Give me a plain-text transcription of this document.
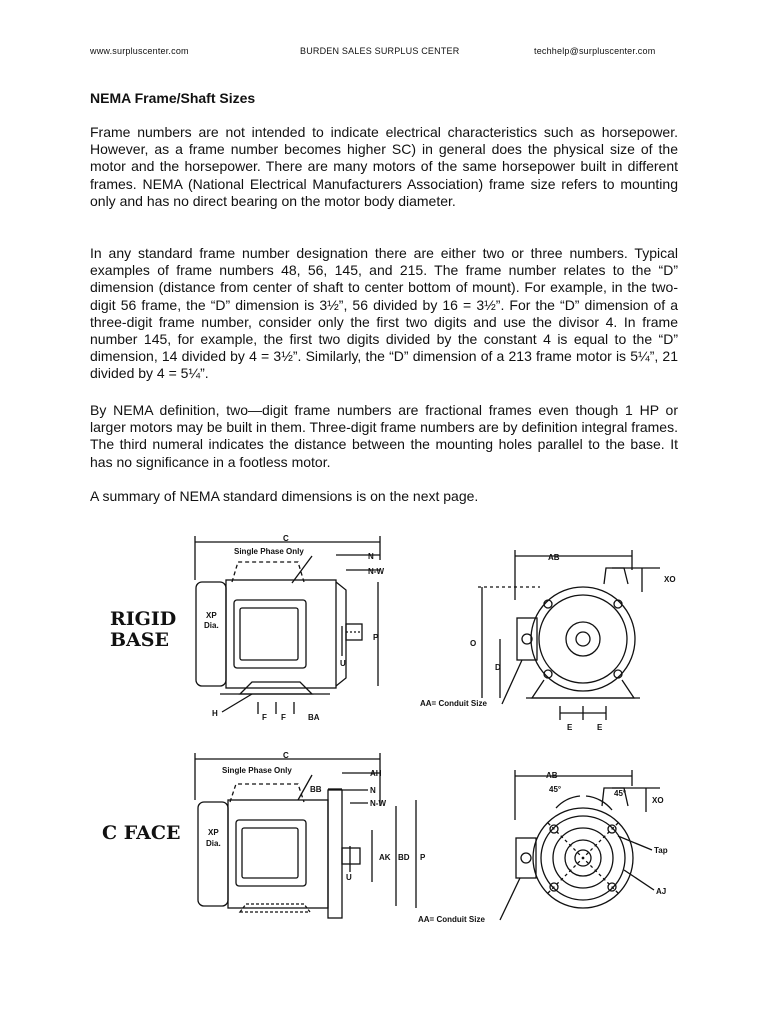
www.surpluscenter.com	BURDEN SALES SURPLUS CENTER	techhelp@surpluscenter.com
NEMA Frame/Shaft Sizes

Frame numbers are not intended to indicate electrical characteristics such as horsepower. However, as a frame number becomes higher SC) in general does the physical size of the motor and the horsepower. There are many motors of the same horsepower built in different frames. NEMA (National Electrical Manufacturers Association) frame size refers to mounting only and has no direct bearing on the motor body diameter.

In any standard frame number designation there are either two or three numbers. Typical examples of frame numbers 48, 56, 145, and 215. The frame number relates to the “D” dimension (distance from center of shaft to center bottom of mount). For example, in the two-digit 56 frame, the “D” dimension is 3½”, 56 divided by 16 = 3½”. For the “D” dimension of a three-digit frame number, consider only the first two digits and use the divisor 4. In frame number 145, for example, the first two digits divided by the constant 4 is equal to the “D” dimension, 14 divided by 4 = 3½”. Similarly, the “D” dimension of a 213 frame motor is 5¼”, 21 divided by 4 = 5¼”.

By NEMA definition, two—digit frame numbers are fractional frames even though 1 HP or larger motors may be built in them. Three-digit frame numbers are by definition integral frames. The third numeral indicates the distance between the mounting holes parallel to the base. It has no significance in a footless motor.

A summary of NEMA standard dimensions is on the next page.

RIGID
BASE
C
Single Phase Only
N
N-W
P
U
XP
Dia.
H	F F	BA
AB
XO
O
D
AA= Conduit Size
E	E
C FACE
C
Single Phase Only	AH
BB	N
N-W
AK BD P
U
XP
Dia.
AB
XO
45°	45°
Tap
AJ
AA= Conduit Size
